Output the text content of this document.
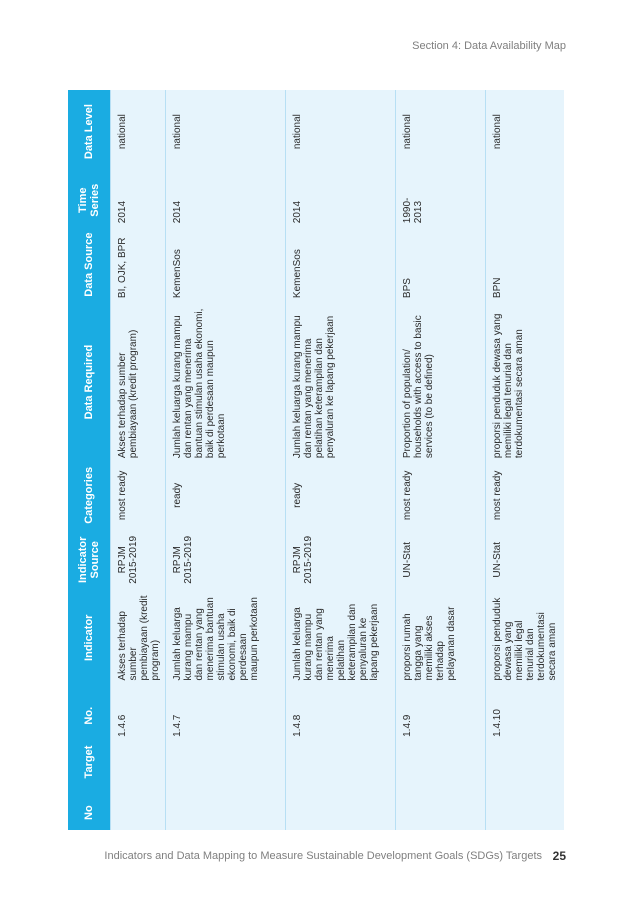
Section 4: Data Availability Map
No	Target	No.	Indicator	Indicator Source	Categories	Data Required	Data Source	Time Series	Data Level
		1.4.6	Akses terhadap sumber pembiayaan (kredit program)	RPJM 2015-2019	most ready	Akses terhadap sumber pembiayaan (kredit program)	BI, OJK, BPR	2014	national
		1.4.7	Jumlah keluarga kurang mampu dan rentan yang menerima bantuan stimulan usaha ekonomi, baik di perdesaan maupun perkotaan	RPJM 2015-2019	ready	Jumlah keluarga kurang mampu dan rentan yang menerima bantuan stimulan usaha ekonomi, baik di perdesaan maupun perkotaan	KemenSos	2014	national
		1.4.8	Jumlah keluarga kurang mampu dan rentan yang menerima pelatihan keterampilan dan penyaluran ke lapang pekerjaan	RPJM 2015-2019	ready	Jumlah keluarga kurang mampu dan rentan yang menerima pelatihan keterampilan dan penyaluran ke lapang pekerjaan	KemenSos	2014	national
		1.4.9	proporsi rumah tangga yang memiliki akses terhadap pelayanan dasar	UN-Stat	most ready	Proportion of population/ households with access to basic services (to be defined)	BPS	1990-2013	national
		1.4.10	proporsi penduduk dewasa yang memiliki legal tenurial dan terdokumentasi secara aman	UN-Stat	most ready	proporsi penduduk dewasa yang memiliki legal tenurial dan terdokumentasi secara aman	BPN		national
Indicators and Data Mapping to Measure Sustainable Development Goals (SDGs) Targets 25
